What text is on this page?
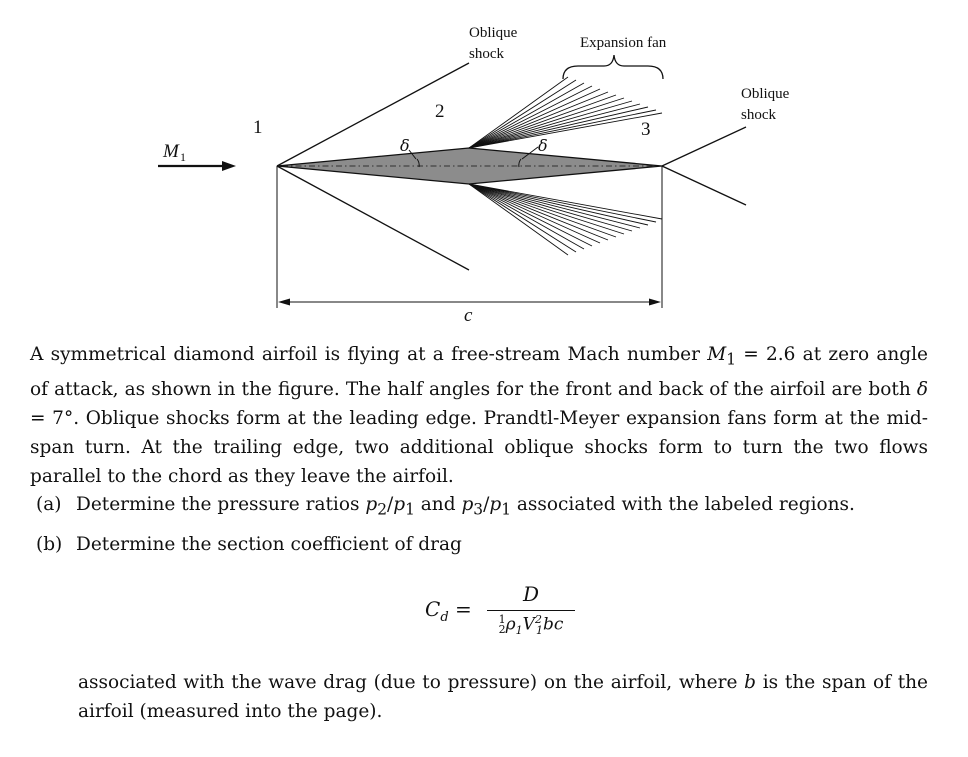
Oblique
shock
Expansion fan
Oblique
shock
1
2
3
δ	δ
M 1
c
A symmetrical diamond airfoil is flying at a free-stream Mach number $M_1 = 2.6$ at zero angle of attack, as shown in the figure. The half angles for the front and back of the airfoil are both δ = 7°. Oblique shocks form at the leading edge. Prandtl-Meyer expansion fans form at the mid-span turn. At the trailing edge, two additional oblique shocks form to turn the two flows parallel to the chord as they leave the airfoil.
(a) Determine the pressure ratios $p_2/p_1$ and $p_3/p_1$ associated with the labeled regions.
(b) Determine the section coefficient of drag
$C_d$ =
D
1
$2\rho_1V^2_1bc$
associated with the wave drag (due to pressure) on the airfoil, where b is the span of the airfoil (measured into the page).
